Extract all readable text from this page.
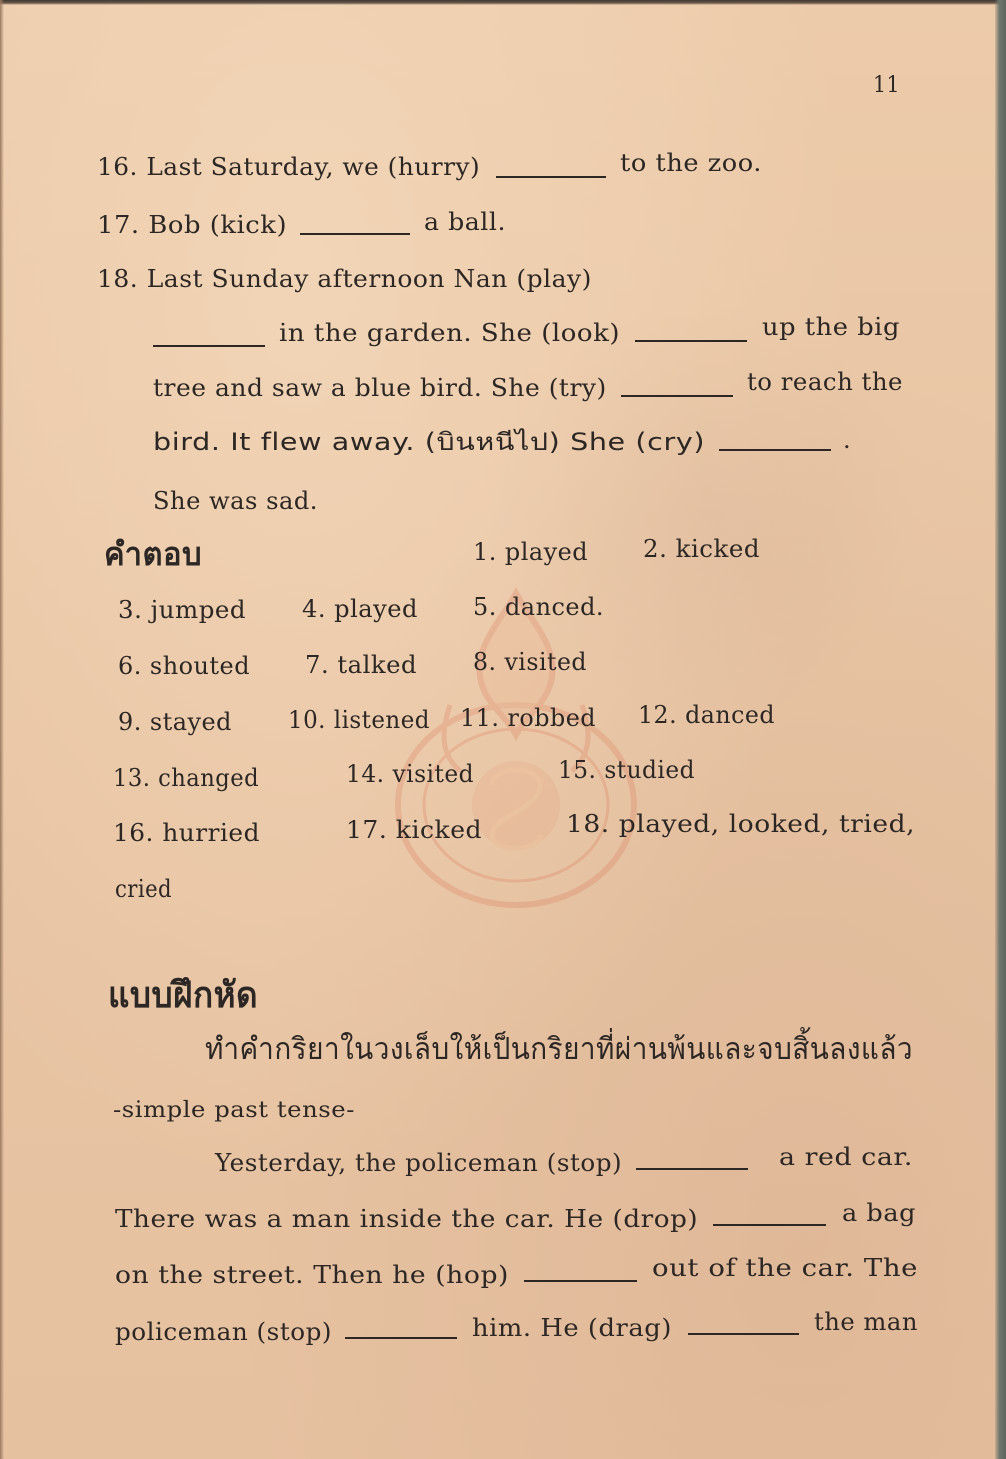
11
16. Last Saturday, we (hurry)	to the zoo.
17. Bob (kick)	a ball.
18. Last Sunday afternoon Nan (play)
in the garden. She (look)	up the big
tree and saw a blue bird. She (try)	to reach the
bird. It flew away. (บินหนีไป) She (cry)	.
She was sad.
คำตอบ	1. played 2. kicked
3. jumped 4. played 5. danced.
6. shouted 7. talked 8. visited
9. stayed 10. listened 11. robbed 12. danced
13. changed	14. visited	15. studied
16. hurried	17. kicked	18. played, looked, tried,
cried
แบบฝึกหัด
ทำคำกริยาในวงเล็บให้เป็นกริยาที่ผ่านพ้นและจบสิ้นลงแล้ว
-simple past tense-
Yesterday, the policeman (stop)	a red car.
There was a man inside the car. He (drop)	a bag
on the street. Then he (hop)	out of the car. The
policeman (stop)	him. He (drag)	the man
